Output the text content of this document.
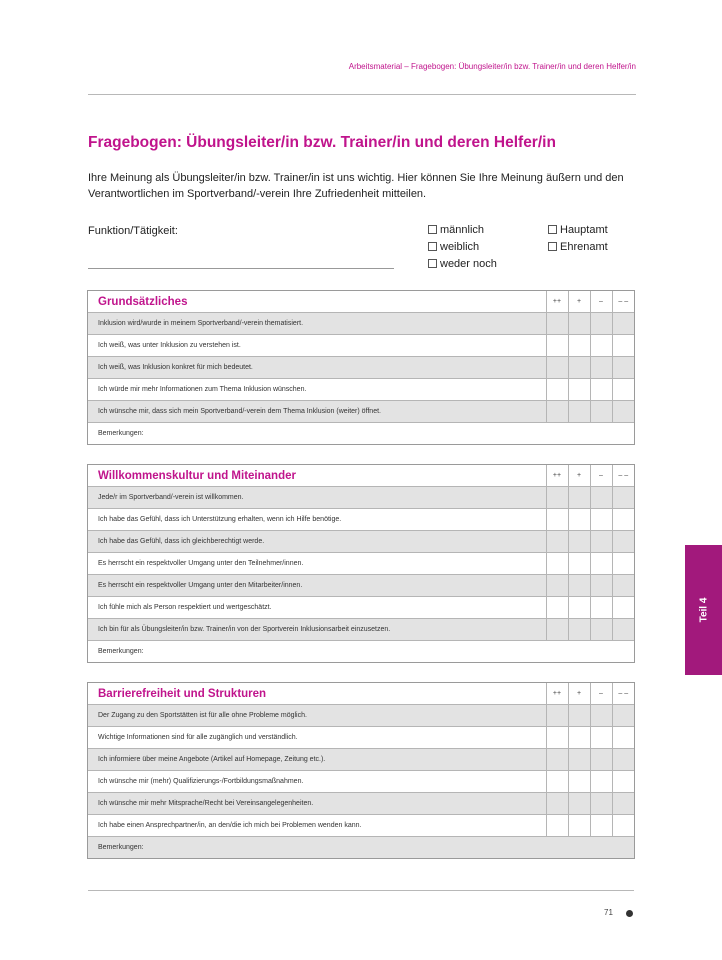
Arbeitsmaterial – Fragebogen: Übungsleiter/in bzw. Trainer/in und deren Helfer/in
Fragebogen: Übungsleiter/in bzw. Trainer/in und deren Helfer/in
Ihre Meinung als Übungsleiter/in bzw. Trainer/in ist uns wichtig. Hier können Sie Ihre Meinung äußern und den Verantwortlichen im Sportverband/-verein Ihre Zufriedenheit mitteilen.
Funktion/Tätigkeit:	männlich
weiblich
weder noch
Hauptamt
Ehrenamt
Grundsätzliches	++	+	–	– –
Inklusion wird/wurde in meinem Sportverband/-verein thematisiert.				
Ich weiß, was unter Inklusion zu verstehen ist.				
Ich weiß, was Inklusion konkret für mich bedeutet.				
Ich würde mir mehr Informationen zum Thema Inklusion wünschen.				
Ich wünsche mir, dass sich mein Sportverband/-verein dem Thema Inklusion (weiter) öffnet.				
Bemerkungen:				
Willkommenskultur und Miteinander	++	+	–	– –
Jede/r im Sportverband/-verein ist willkommen.				
Ich habe das Gefühl, dass ich Unterstützung erhalten, wenn ich Hilfe benötige.				
Ich habe das Gefühl, dass ich gleichberechtigt werde.				
Es herrscht ein respektvoller Umgang unter den Teilnehmer/innen.				
Es herrscht ein respektvoller Umgang unter den Mitarbeiter/innen.				
Ich fühle mich als Person respektiert und wertgeschätzt.				
Ich bin für als Übungsleiter/in bzw. Trainer/in von der Sportverein Inklusionsarbeit einzusetzen.				
Bemerkungen:				
Barrierefreiheit und Strukturen	++	+	–	– –
Der Zugang zu den Sportstätten ist für alle ohne Probleme möglich.				
Wichtige Informationen sind für alle zugänglich und verständlich.				
Ich informiere über meine Angebote (Artikel auf Homepage, Zeitung etc.).				
Ich wünsche mir (mehr) Qualifizierungs-/Fortbildungsmaßnahmen.				
Ich wünsche mir mehr Mitsprache/Recht bei Vereinsangelegenheiten.				
Ich habe einen Ansprechpartner/in, an den/die ich mich bei Problemen wenden kann.				
Bemerkungen:				
71
Teil 4
